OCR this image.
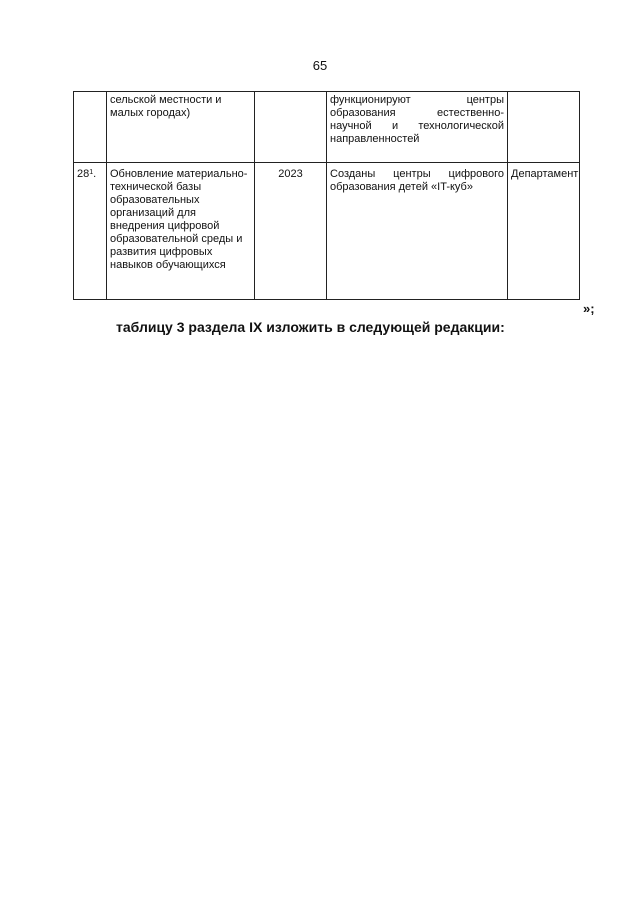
65
	сельской местности и малых городах)		функционируют центры образования естественно-научной и технологической направленностей	
$28^1$.	Обновление материально-технической базы образовательных организаций для внедрения цифровой образовательной среды и развития цифровых навыков обучающихся	2023	Созданы центры цифрового образования детей «IT-куб»	Департамент
»;
таблицу 3 раздела IX изложить в следующей редакции:
